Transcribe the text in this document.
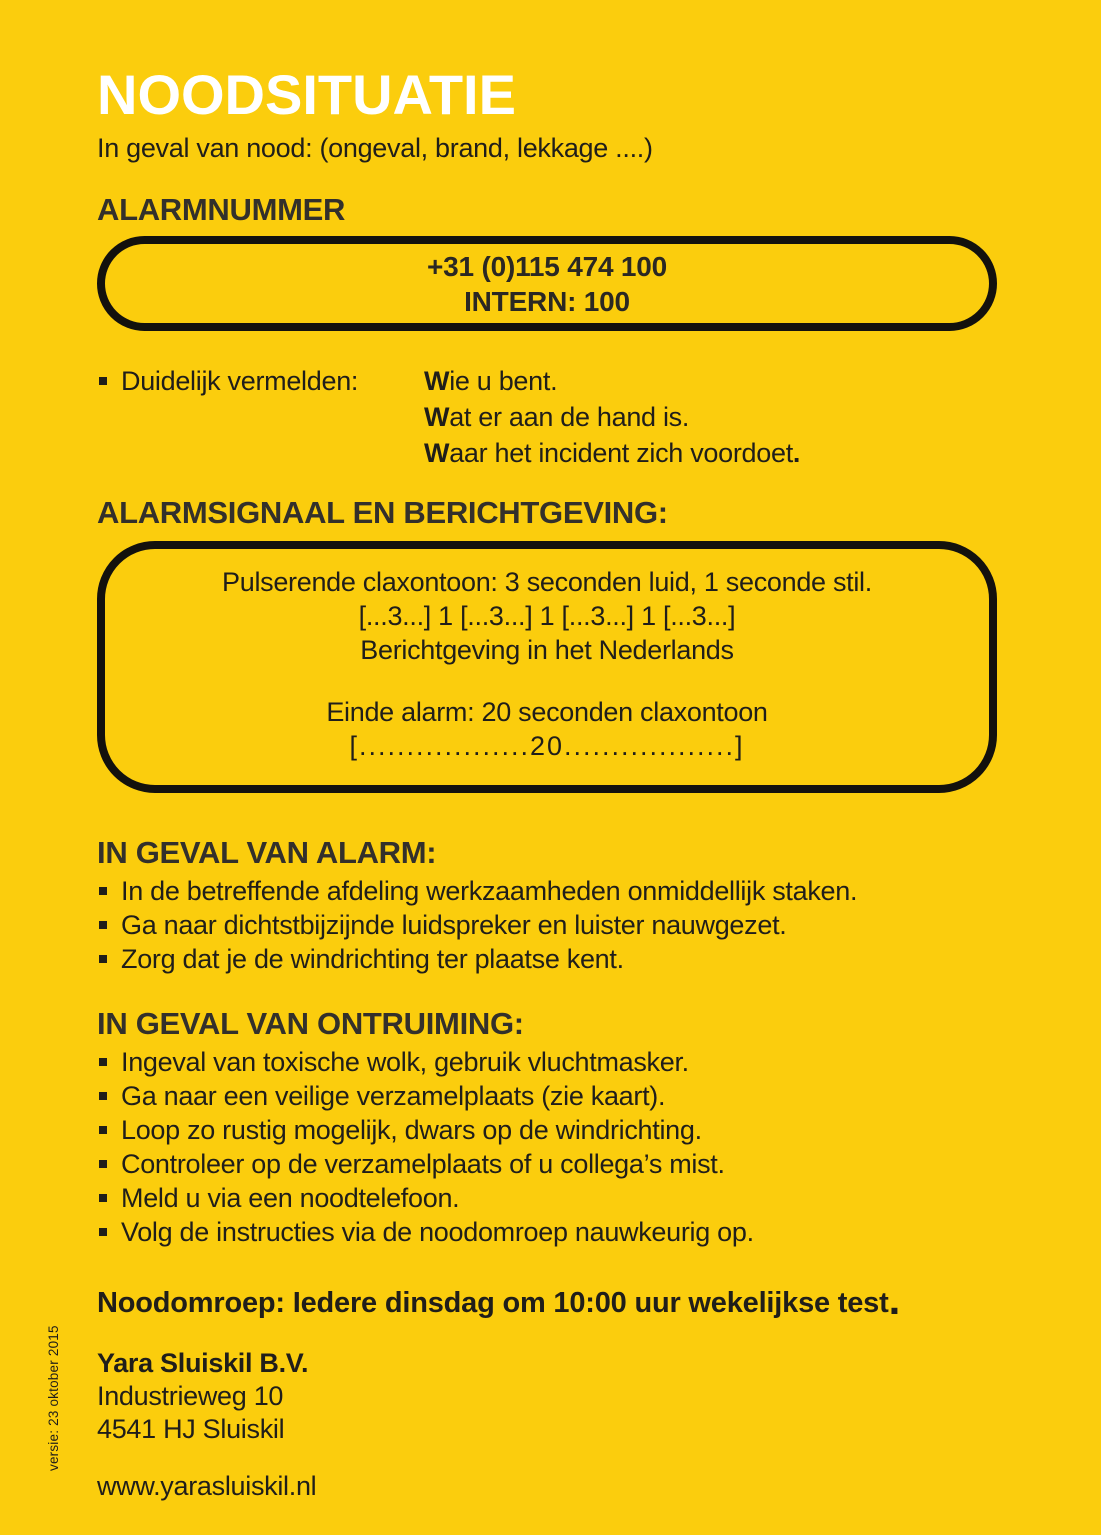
NOODSITUATIE

In geval van nood: (ongeval, brand, lekkage ....)

ALARMNUMMER
+31 (0)115 474 100
INTERN: 100
Duidelijk vermelden:	Wie u bent.
Wat er aan de hand is.
Waar het incident zich voordoet.
ALARMSIGNAAL EN BERICHTGEVING:
Pulserende claxontoon: 3 seconden luid, 1 seconde stil.
[...3...] 1 [...3...] 1 [...3...] 1 [...3...]
Berichtgeving in het Nederlands
Einde alarm: 20 seconden claxontoon
[..................20..................]
IN GEVAL VAN ALARM:
In de betreffende afdeling werkzaamheden onmiddellijk staken.
Ga naar dichtstbijzijnde luidspreker en luister nauwgezet.
Zorg dat je de windrichting ter plaatse kent.
IN GEVAL VAN ONTRUIMING:
Ingeval van toxische wolk, gebruik vluchtmasker.
Ga naar een veilige verzamelplaats (zie kaart).
Loop zo rustig mogelijk, dwars op de windrichting.
Controleer op de verzamelplaats of u collega’s mist.
Meld u via een noodtelefoon.
Volg de instructies via de noodomroep nauwkeurig op.
Noodomroep: Iedere dinsdag om 10:00 uur wekelijkse test.
Yara Sluiskil B.V.
Industrieweg 10
4541 HJ Sluiskil
www.yarasluiskil.nl
versie: 23 oktober 2015
